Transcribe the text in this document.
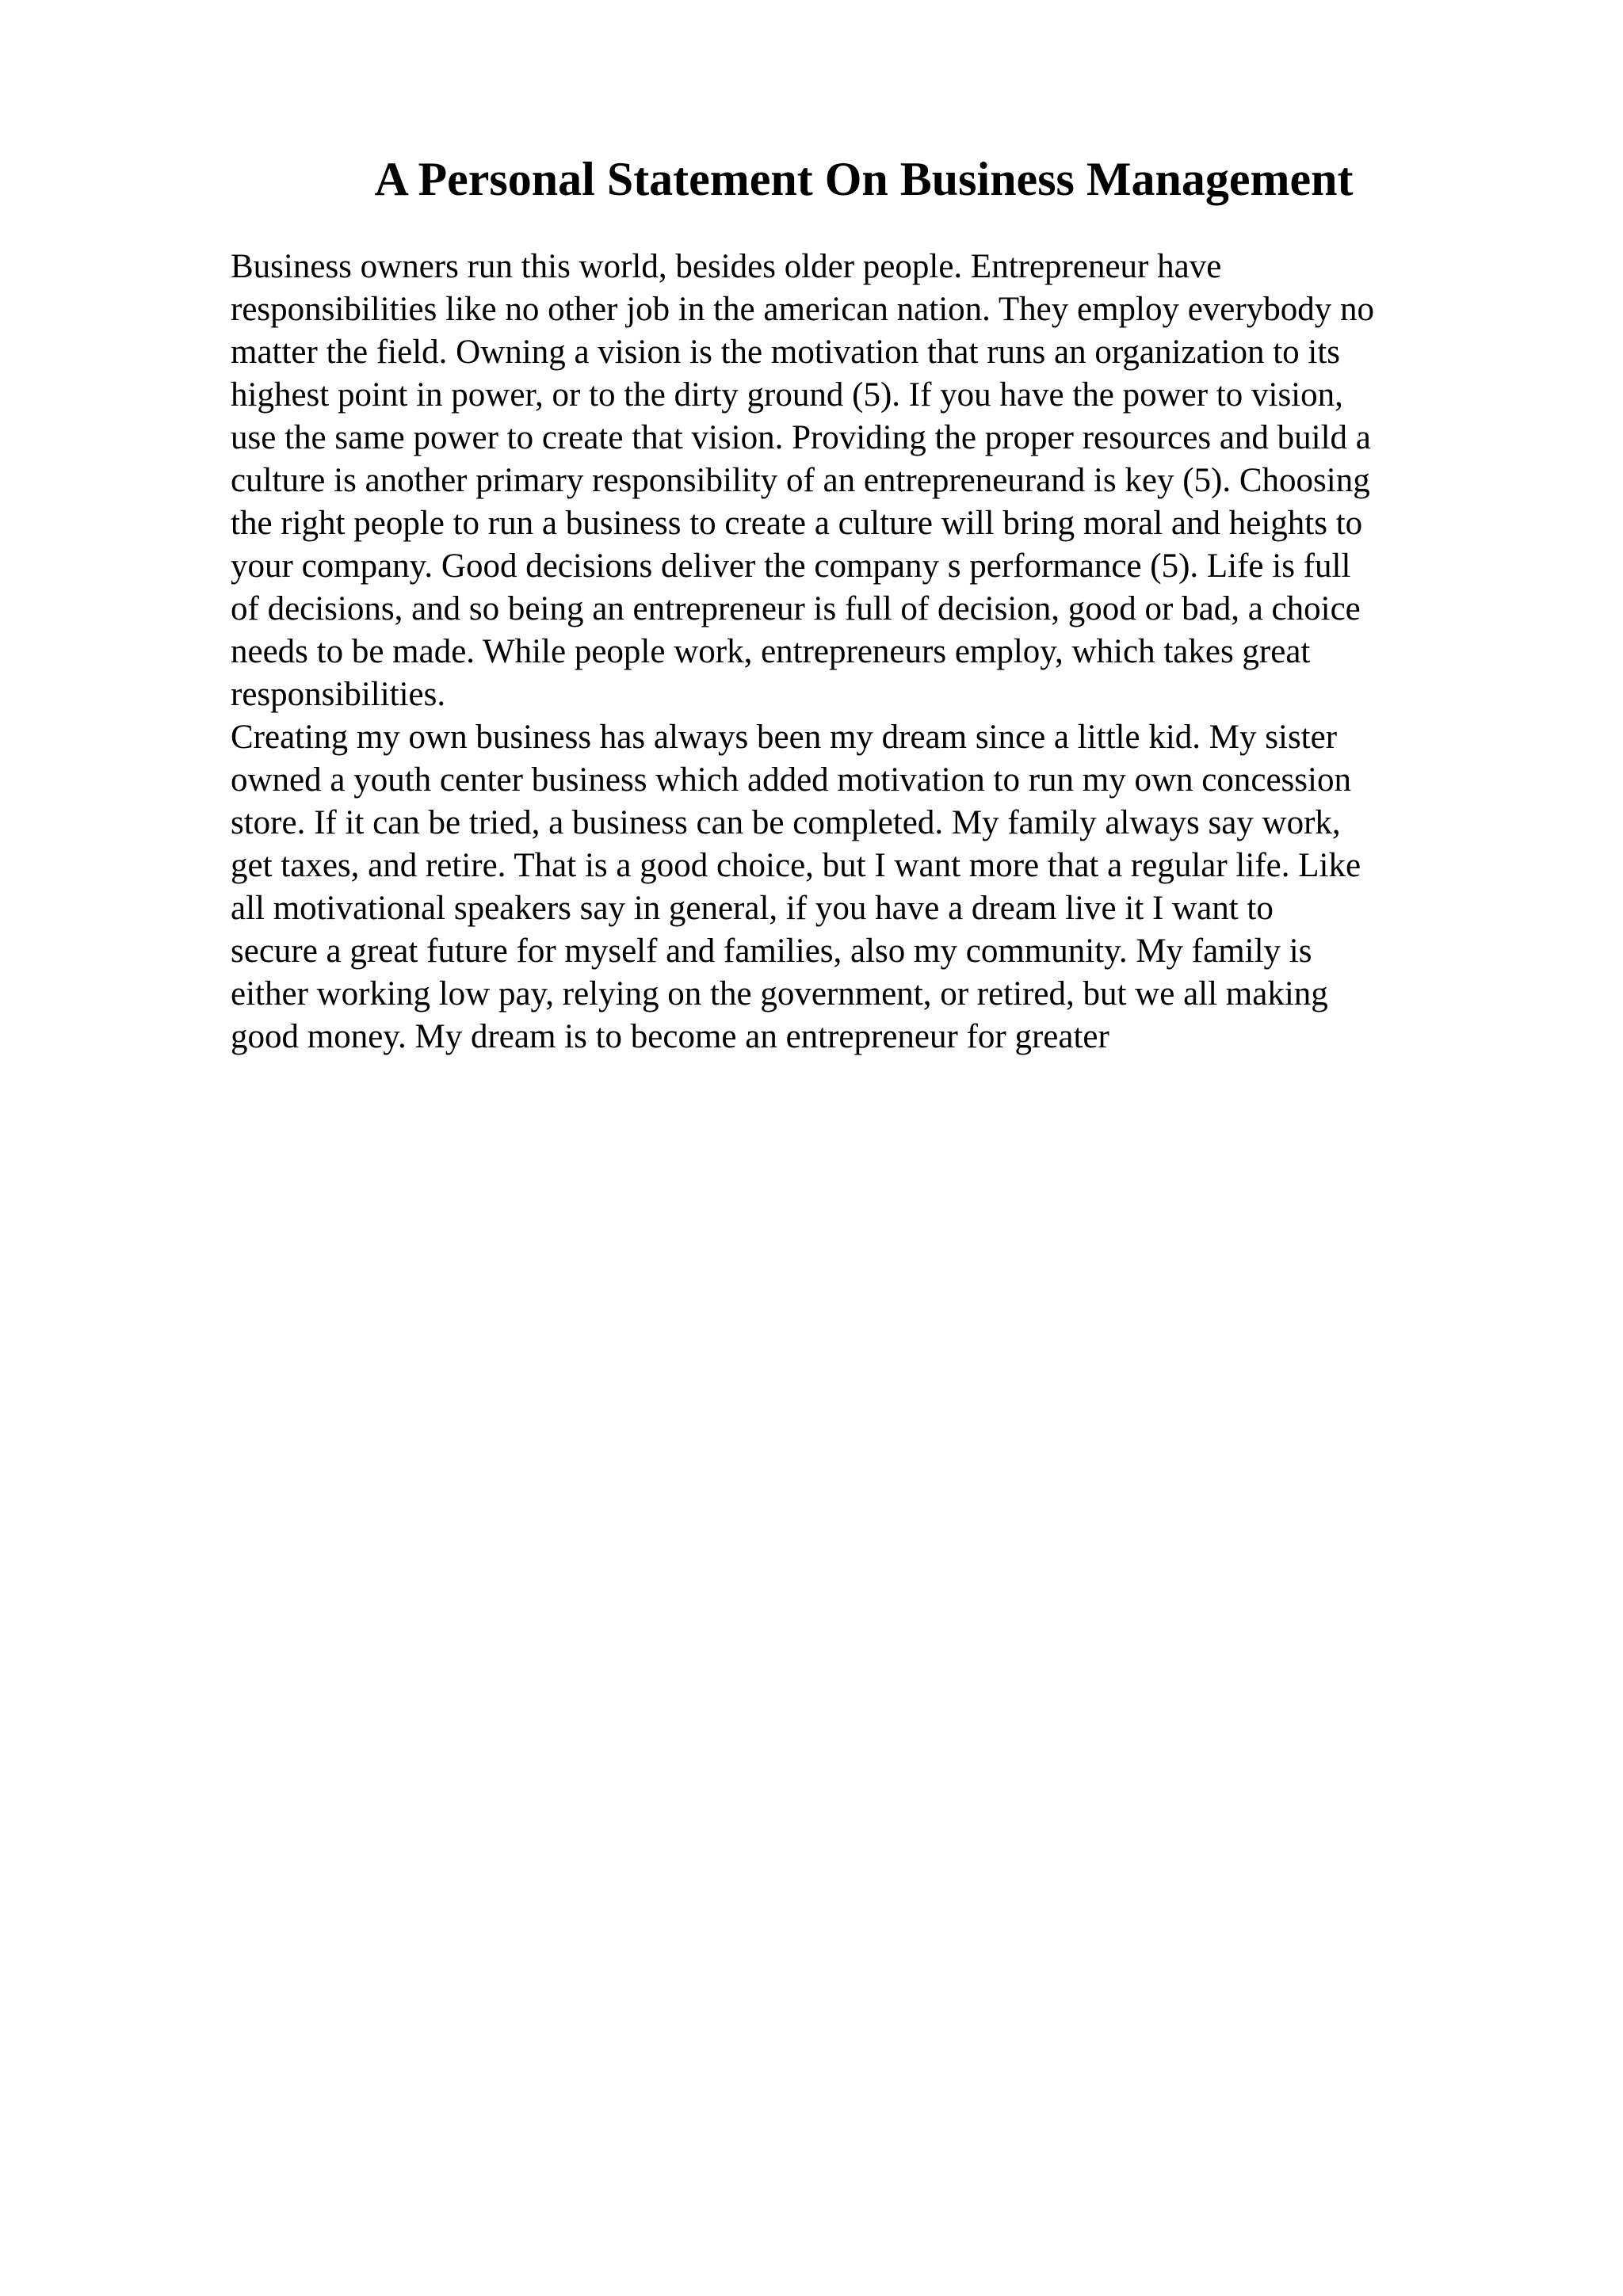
A Personal Statement On Business Management

Business owners run this world, besides older people. Entrepreneur have
responsibilities like no other job in the american nation. They employ everybody no
matter the field. Owning a vision is the motivation that runs an organization to its
highest point in power, or to the dirty ground (5). If you have the power to vision,
use the same power to create that vision. Providing the proper resources and build a
culture is another primary responsibility of an entrepreneurand is key (5). Choosing
the right people to run a business to create a culture will bring moral and heights to
your company. Good decisions deliver the company s performance (5). Life is full
of decisions, and so being an entrepreneur is full of decision, good or bad, a choice
needs to be made. While people work, entrepreneurs employ, which takes great
responsibilities.

Creating my own business has always been my dream since a little kid. My sister
owned a youth center business which added motivation to run my own concession
store. If it can be tried, a business can be completed. My family always say work,
get taxes, and retire. That is a good choice, but I want more that a regular life. Like
all motivational speakers say in general, if you have a dream live it I want to
secure a great future for myself and families, also my community. My family is
either working low pay, relying on the government, or retired, but we all making
good money. My dream is to become an entrepreneur for greater
